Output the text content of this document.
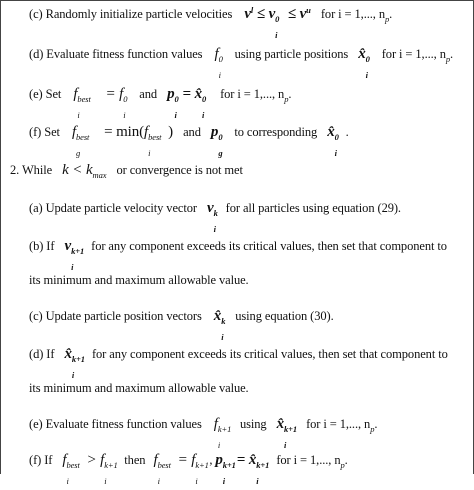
(c) Randomly initialize particle velocities $v^l \le v$ 0
i
≤ $v^u$ for i = 1,..., $n_p$.
(d) Evaluate fitness function values f 0
i
using particle positions x̂ 0
i
for i = 1,..., $n_p$.
(e) Set f best
i
= f 0
i
and p 0
i
= x̂ 0
i
for i = 1,..., $n_p$.
(f) Set f best
g
= min(f best
i
) and p 0
g
to corresponding x̂ 0
i
.
2. While $k < k_{max}$ or convergence is not met
(a) Update particle velocity vector v k
i
for all particles using equation (29).
(b) If v k+1
i
for any component exceeds its critical values, then set that component to
its minimum and maximum allowable value.
(c) Update particle position vectors x̂ k
i
using equation (30).
(d) If x̂ k+1
i
for any component exceeds its critical values, then set that component to
its minimum and maximum allowable value.
(e) Evaluate fitness function values f k+1
i
using x̂ k+1
i
for i = 1,..., $n_p$.
(f) If f best
i
> f k+1
i
then f best
i
= f k+1
i
, p k+1
i
= x̂ k+1
i
for i = 1,..., $n_p$.
